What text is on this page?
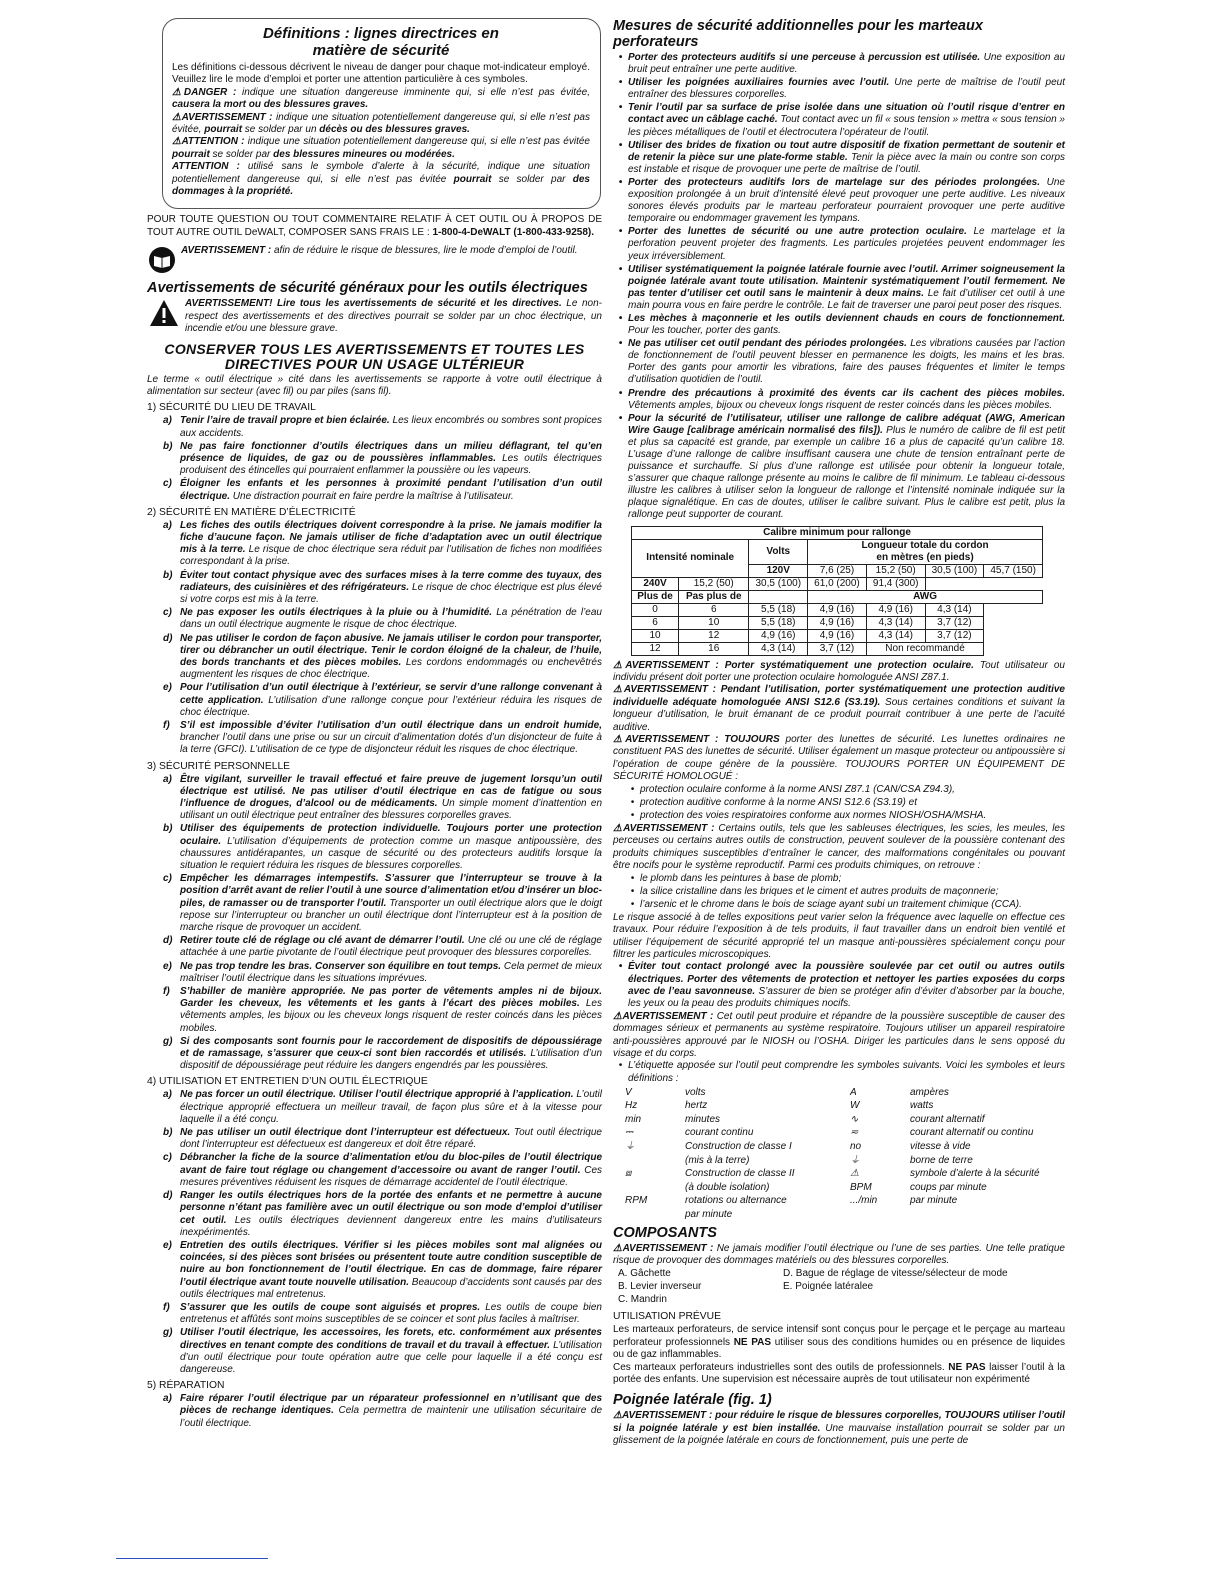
Définitions : lignes directrices en
matière de sécurité

Les définitions ci-dessous décrivent le niveau de danger pour chaque mot-indicateur employé. Veuillez lire le mode d’emploi et porter une attention particulière à ces symboles.

⚠DANGER : indique une situation dangereuse imminente qui, si elle n’est pas évitée, causera la mort ou des blessures graves.

⚠AVERTISSEMENT : indique une situation potentiellement dangereuse qui, si elle n’est pas évitée, pourrait se solder par un décès ou des blessures graves.

⚠ATTENTION : indique une situation potentiellement dangereuse qui, si elle n’est pas évitée pourrait se solder par des blessures mineures ou modérées.

ATTENTION : utilisé sans le symbole d’alerte à la sécurité, indique une situation potentiellement dangereuse qui, si elle n’est pas évitée pourrait se solder par des dommages à la propriété.

POUR TOUTE QUESTION OU TOUT COMMENTAIRE RELATIF À CET OUTIL OU À PROPOS DE TOUT AUTRE OUTIL DeWALT, COMPOSER SANS FRAIS LE : 1-800-4-DeWALT (1-800-433-9258).

AVERTISSEMENT : afin de réduire le risque de blessures, lire le mode d’emploi de l’outil.

Avertissements de sécurité généraux pour les outils électriques

AVERTISSEMENT! Lire tous les avertissements de sécurité et les directives. Le non-respect des avertissements et des directives pourrait se solder par un choc électrique, un incendie et/ou une blessure grave.

CONSERVER TOUS LES AVERTISSEMENTS ET TOUTES LES DIRECTIVES POUR UN USAGE ULTÉRIEUR

Le terme « outil électrique » cité dans les avertissements se rapporte à votre outil électrique à alimentation sur secteur (avec fil) ou par piles (sans fil).

1) SÉCURITÉ DU LIEU DE TRAVAIL
a) Tenir l’aire de travail propre et bien éclairée. Les lieux encombrés ou sombres sont propices aux accidents.
b) Ne pas faire fonctionner d’outils électriques dans un milieu déflagrant, tel qu’en présence de liquides, de gaz ou de poussières inflammables. Les outils électriques produisent des étincelles qui pourraient enflammer la poussière ou les vapeurs.
c) Éloigner les enfants et les personnes à proximité pendant l’utilisation d’un outil électrique. Une distraction pourrait en faire perdre la maîtrise à l’utilisateur.
2) SÉCURITÉ EN MATIÈRE D’ÉLECTRICITÉ
a) Les fiches des outils électriques doivent correspondre à la prise. Ne jamais modifier la fiche d’aucune façon. Ne jamais utiliser de fiche d’adaptation avec un outil électrique mis à la terre. Le risque de choc électrique sera réduit par l’utilisation de fiches non modifiées correspondant à la prise.
b) Éviter tout contact physique avec des surfaces mises à la terre comme des tuyaux, des radiateurs, des cuisinières et des réfrigérateurs. Le risque de choc électrique est plus élevé si votre corps est mis à la terre.
c) Ne pas exposer les outils électriques à la pluie ou à l’humidité. La pénétration de l’eau dans un outil électrique augmente le risque de choc électrique.
d) Ne pas utiliser le cordon de façon abusive. Ne jamais utiliser le cordon pour transporter, tirer ou débrancher un outil électrique. Tenir le cordon éloigné de la chaleur, de l’huile, des bords tranchants et des pièces mobiles. Les cordons endommagés ou enchevêtrés augmentent les risques de choc électrique.
e) Pour l’utilisation d’un outil électrique à l’extérieur, se servir d’une rallonge convenant à cette application. L’utilisation d’une rallonge conçue pour l’extérieur réduira les risques de choc électrique.
f)	S’il est impossible d’éviter l’utilisation d’un outil électrique dans un endroit humide, brancher l’outil dans une prise ou sur un circuit d’alimentation dotés d’un disjoncteur de fuite à la terre (GFCI). L’utilisation de ce type de disjoncteur réduit les risques de choc électrique.
3) SÉCURITÉ PERSONNELLE
a) Être vigilant, surveiller le travail effectué et faire preuve de jugement lorsqu’un outil électrique est utilisé. Ne pas utiliser d’outil électrique en cas de fatigue ou sous l’influence de drogues, d’alcool ou de médicaments. Un simple moment d’inattention en utilisant un outil électrique peut entraîner des blessures corporelles graves.
b) Utiliser des équipements de protection individuelle. Toujours porter une protection oculaire. L’utilisation d’équipements de protection comme un masque antipoussière, des chaussures antidérapantes, un casque de sécurité ou des protecteurs auditifs lorsque la situation le requiert réduira les risques de blessures corporelles.
c) Empêcher les démarrages intempestifs. S’assurer que l’interrupteur se trouve à la position d’arrêt avant de relier l’outil à une source d’alimentation et/ou d’insérer un bloc-piles, de ramasser ou de transporter l’outil. Transporter un outil électrique alors que le doigt repose sur l’interrupteur ou brancher un outil électrique dont l’interrupteur est à la position de marche risque de provoquer un accident.
d) Retirer toute clé de réglage ou clé avant de démarrer l’outil. Une clé ou une clé de réglage attachée à une partie pivotante de l’outil électrique peut provoquer des blessures corporelles.
e) Ne pas trop tendre les bras. Conserver son équilibre en tout temps. Cela permet de mieux maîtriser l’outil électrique dans les situations imprévues.
f)	S’habiller de manière appropriée. Ne pas porter de vêtements amples ni de bijoux. Garder les cheveux, les vêtements et les gants à l’écart des pièces mobiles. Les vêtements amples, les bijoux ou les cheveux longs risquent de rester coincés dans les pièces mobiles.
g) Si des composants sont fournis pour le raccordement de dispositifs de dépoussiérage et de ramassage, s’assurer que ceux-ci sont bien raccordés et utilisés. L’utilisation d’un dispositif de dépoussiérage peut réduire les dangers engendrés par les poussières.
4) UTILISATION ET ENTRETIEN D’UN OUTIL ÉLECTRIQUE
a) Ne pas forcer un outil électrique. Utiliser l’outil électrique approprié à l’application. L’outil électrique approprié effectuera un meilleur travail, de façon plus sûre et à la vitesse pour laquelle il a été conçu.
b) Ne pas utiliser un outil électrique dont l’interrupteur est défectueux. Tout outil électrique dont l’interrupteur est défectueux est dangereux et doit être réparé.
c) Débrancher la fiche de la source d’alimentation et/ou du bloc-piles de l’outil électrique avant de faire tout réglage ou changement d’accessoire ou avant de ranger l’outil. Ces mesures préventives réduisent les risques de démarrage accidentel de l’outil électrique.
d) Ranger les outils électriques hors de la portée des enfants et ne permettre à aucune personne n’étant pas familière avec un outil électrique ou son mode d’emploi d’utiliser cet outil. Les outils électriques deviennent dangereux entre les mains d’utilisateurs inexpérimentés.
e) Entretien des outils électriques. Vérifier si les pièces mobiles sont mal alignées ou coincées, si des pièces sont brisées ou présentent toute autre condition susceptible de nuire au bon fonctionnement de l’outil électrique. En cas de dommage, faire réparer l’outil électrique avant toute nouvelle utilisation. Beaucoup d’accidents sont causés par des outils électriques mal entretenus.
f)	S’assurer que les outils de coupe sont aiguisés et propres. Les outils de coupe bien entretenus et affûtés sont moins susceptibles de se coincer et sont plus faciles à maîtriser.
g) Utiliser l’outil électrique, les accessoires, les forets, etc. conformément aux présentes directives en tenant compte des conditions de travail et du travail à effectuer. L’utilisation d’un outil électrique pour toute opération autre que celle pour laquelle il a été conçu est dangereuse.
5) RÉPARATION
a) Faire réparer l’outil électrique par un réparateur professionnel en n’utilisant que des pièces de rechange identiques. Cela permettra de maintenir une utilisation sécuritaire de l’outil électrique.
Mesures de sécurité additionnelles pour les marteaux perforateurs
• Porter des protecteurs auditifs si une perceuse à percussion est utilisée. Une exposition au bruit peut entraîner une perte auditive.
• Utiliser les poignées auxiliaires fournies avec l’outil. Une perte de maîtrise de l’outil peut entraîner des blessures corporelles.
• Tenir l’outil par sa surface de prise isolée dans une situation où l’outil risque d’entrer en contact avec un câblage caché. Tout contact avec un fil « sous tension » mettra « sous tension » les pièces métalliques de l’outil et électrocutera l’opérateur de l’outil.
• Utiliser des brides de fixation ou tout autre dispositif de fixation permettant de soutenir et de retenir la pièce sur une plate-forme stable. Tenir la pièce avec la main ou contre son corps est instable et risque de provoquer une perte de maîtrise de l’outil.
• Porter des protecteurs auditifs lors de martelage sur des périodes prolongées. Une exposition prolongée à un bruit d’intensité élevé peut provoquer une perte auditive. Les niveaux sonores élevés produits par le marteau perforateur pourraient provoquer une perte auditive temporaire ou endommager gravement les tympans.
• Porter des lunettes de sécurité ou une autre protection oculaire. Le martelage et la perforation peuvent projeter des fragments. Les particules projetées peuvent endommager les yeux irréversiblement.
• Utiliser systématiquement la poignée latérale fournie avec l’outil. Arrimer soigneusement la poignée latérale avant toute utilisation. Maintenir systématiquement l’outil fermement. Ne pas tenter d’utiliser cet outil sans le maintenir à deux mains. Le fait d’utiliser cet outil à une main pourra vous en faire perdre le contrôle. Le fait de traverser une paroi peut poser des risques.
• Les mèches à maçonnerie et les outils deviennent chauds en cours de fonctionnement. Pour les toucher, porter des gants.
• Ne pas utiliser cet outil pendant des périodes prolongées. Les vibrations causées par l’action de fonctionnement de l’outil peuvent blesser en permanence les doigts, les mains et les bras. Porter des gants pour amortir les vibrations, faire des pauses fréquentes et limiter le temps d’utilisation quotidien de l’outil.
• Prendre des précautions à proximité des évents car ils cachent des pièces mobiles. Vêtements amples, bijoux ou cheveux longs risquent de rester coincés dans les pièces mobiles.
• Pour la sécurité de l’utilisateur, utiliser une rallonge de calibre adéquat (AWG, American Wire Gauge [calibrage américain normalisé des fils]). Plus le numéro de calibre de fil est petit et plus sa capacité est grande, par exemple un calibre 16 a plus de capacité qu’un calibre 18. L’usage d’une rallonge de calibre insuffisant causera une chute de tension entraînant perte de puissance et surchauffe. Si plus d’une rallonge est utilisée pour obtenir la longueur totale, s’assurer que chaque rallonge présente au moins le calibre de fil minimum. Le tableau ci-dessous illustre les calibres à utiliser selon la longueur de rallonge et l’intensité nominale indiquée sur la plaque signalétique. En cas de doutes, utiliser le calibre suivant. Plus le calibre est petit, plus la rallonge peut supporter de courant.
Calibre minimum pour rallonge						
Intensité nominale		Volts	Longueur totale du cordon
en mètres (en pieds)			

		120V	7,6 (25)	15,2 (50)	30,5 (100)	45,7 (150)
240V	15,2 (50)	30,5 (100)	61,0 (200)	91,4 (300)		
Plus de	Pas plus de		AWG			
0	6	5,5 (18)	4,9 (16)	4,9 (16)	4,3 (14)	
6	10	5,5 (18)	4,9 (16)	4,3 (14)	3,7 (12)	
10	12	4,9 (16)	4,9 (16)	4,3 (14)	3,7 (12)	
12	16	4,3 (14)	3,7 (12)	Non recommandé		

⚠AVERTISSEMENT : Porter systématiquement une protection oculaire. Tout utilisateur ou individu présent doit porter une protection oculaire homologuée ANSI Z87.1.

⚠AVERTISSEMENT : Pendant l’utilisation, porter systématiquement une protection auditive individuelle adéquate homologuée ANSI S12.6 (S3.19). Sous certaines conditions et suivant la longueur d’utilisation, le bruit émanant de ce produit pourrait contribuer à une perte de l’acuité auditive.

⚠AVERTISSEMENT : TOUJOURS porter des lunettes de sécurité. Les lunettes ordinaires ne constituent PAS des lunettes de sécurité. Utiliser également un masque protecteur ou antipoussière si l’opération de coupe génère de la poussière. TOUJOURS PORTER UN ÉQUIPEMENT DE SÉCURITÉ HOMOLOGUÉ :

• protection oculaire conforme à la norme ANSI Z87.1 (CAN/CSA Z94.3),
• protection auditive conforme à la norme ANSI S12.6 (S3.19) et
• protection des voies respiratoires conforme aux normes NIOSH/OSHA/MSHA.

⚠AVERTISSEMENT : Certains outils, tels que les sableuses électriques, les scies, les meules, les perceuses ou certains autres outils de construction, peuvent soulever de la poussière contenant des produits chimiques susceptibles d’entraîner le cancer, des malformations congénitales ou pouvant être nocifs pour le système reproductif. Parmi ces produits chimiques, on retrouve :

• le plomb dans les peintures à base de plomb;
• la silice cristalline dans les briques et le ciment et autres produits de maçonnerie;
• l’arsenic et le chrome dans le bois de sciage ayant subi un traitement chimique (CCA).

Le risque associé à de telles expositions peut varier selon la fréquence avec laquelle on effectue ces travaux. Pour réduire l’exposition à de tels produits, il faut travailler dans un endroit bien ventilé et utiliser l’équipement de sécurité approprié tel un masque anti-poussières spécialement conçu pour filtrer les particules microscopiques.

• Éviter tout contact prolongé avec la poussière soulevée par cet outil ou autres outils électriques. Porter des vêtements de protection et nettoyer les parties exposées du corps avec de l’eau savonneuse. S’assurer de bien se protéger afin d’éviter d’absorber par la bouche, les yeux ou la peau des produits chimiques nocifs.

⚠AVERTISSEMENT : Cet outil peut produire et répandre de la poussière susceptible de causer des dommages sérieux et permanents au système respiratoire. Toujours utiliser un appareil respiratoire anti-poussières approuvé par le NIOSH ou l’OSHA. Diriger les particules dans le sens opposé du visage et du corps.

• L’étiquette apposée sur l’outil peut comprendre les symboles suivants. Voici les symboles et leurs définitions :
V	volts	A	ampères
Hz	hertz	W	watts
min	minutes	∿	courant alternatif
⎓	courant continu	≂	courant alternatif ou continu
⏚	Construction de classe I	no	vitesse à vide
(mis à la terre)	⏚	borne de terre
⧈	Construction de classe II	⚠	symbole d’alerte à la sécurité
(à double isolation)	BPM	coups par minute
RPM	rotations ou alternance	.../min	par minute
par minute
COMPOSANTS

⚠AVERTISSEMENT : Ne jamais modifier l’outil électrique ou l’une de ses parties. Une telle pratique risque de provoquer des dommages matériels ou des blessures corporelles.

A. Gâchette	D. Bague de réglage de vitesse/sélecteur de mode
B. Levier inverseur	E. Poignée latéralee
C. Mandrin
UTILISATION PRÉVUE

Les marteaux perforateurs, de service intensif sont conçus pour le perçage et le perçage au marteau perforateur professionnels NE PAS utiliser sous des conditions humides ou en présence de liquides ou de gaz inflammables.

Ces marteaux perforateurs industrielles sont des outils de professionnels. NE PAS laisser l’outil à la portée des enfants. Une supervision est nécessaire auprès de tout utilisateur non expérimenté

Poignée latérale (fig. 1)

⚠AVERTISSEMENT : pour réduire le risque de blessures corporelles, TOUJOURS utiliser l’outil si la poignée latérale y est bien installée. Une mauvaise installation pourrait se solder par un glissement de la poignée latérale en cours de fonctionnement, puis une perte de
